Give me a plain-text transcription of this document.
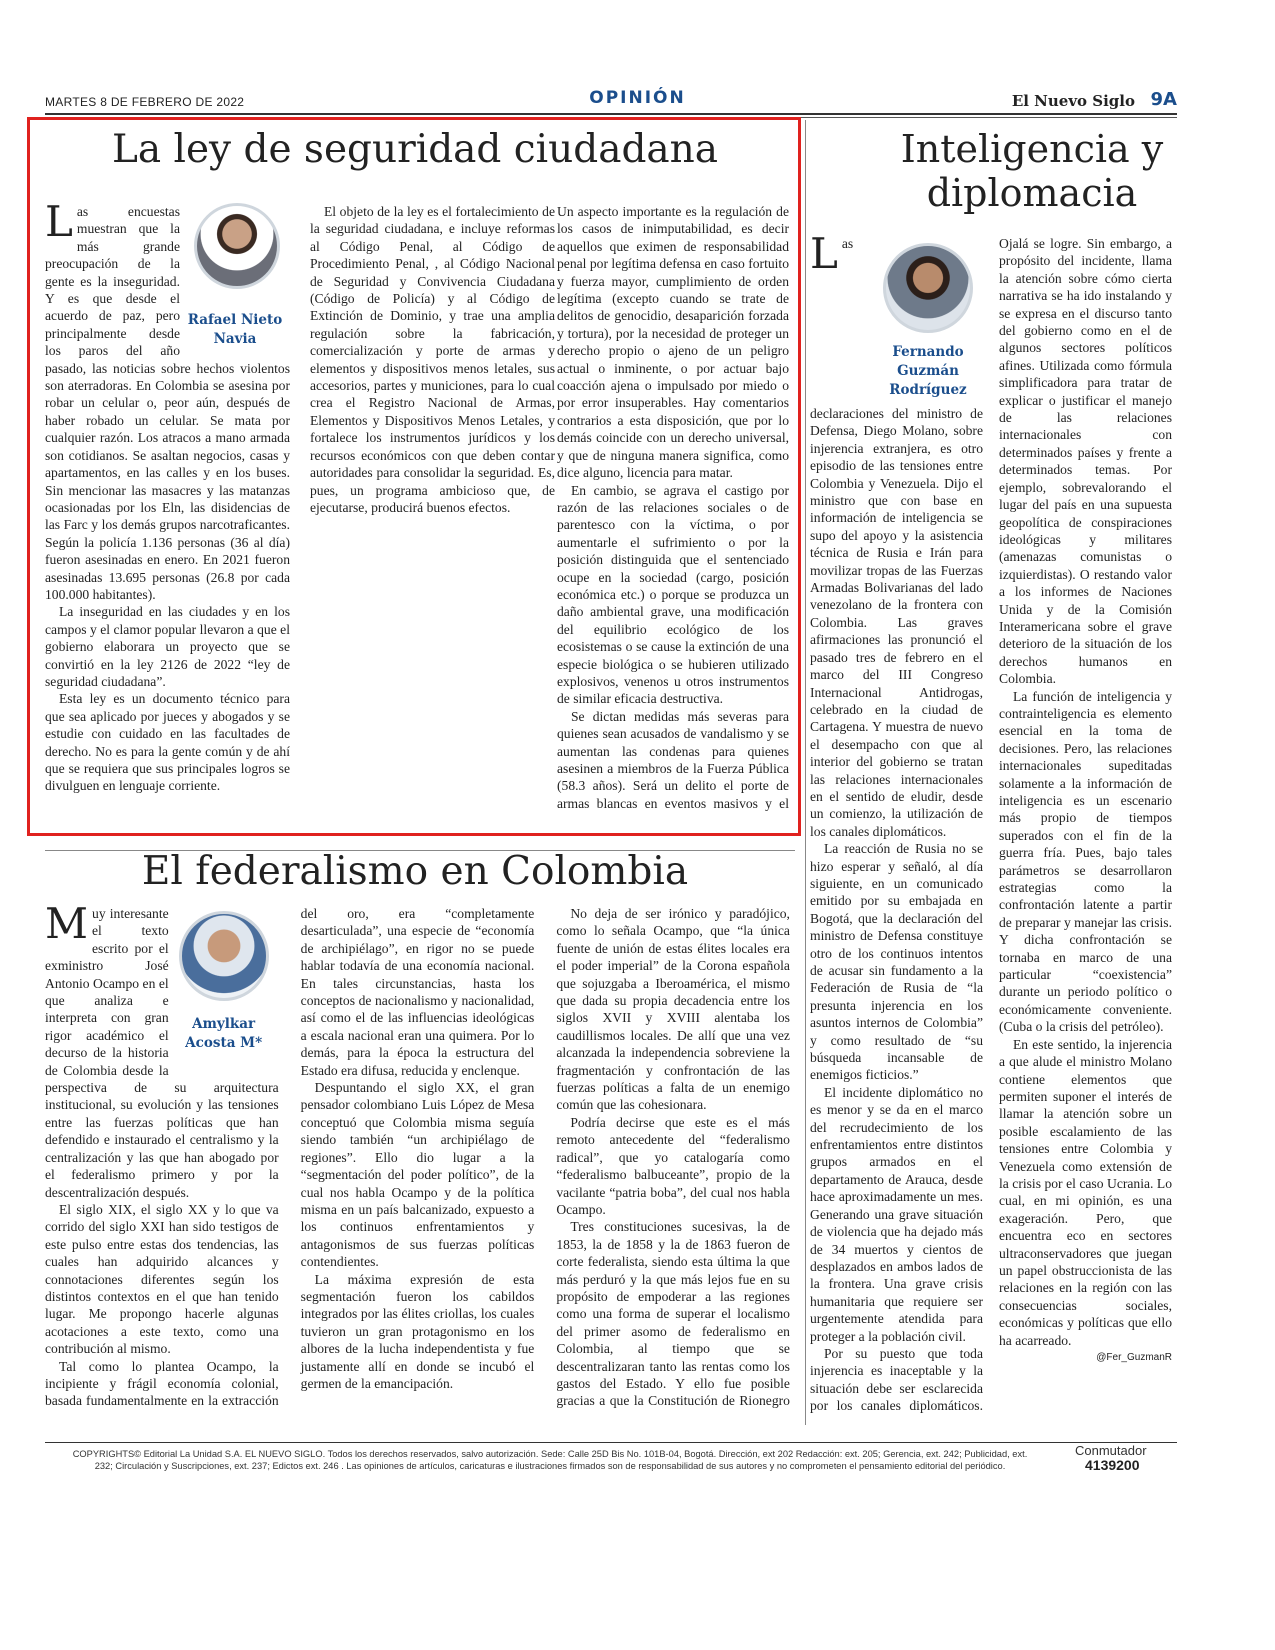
MARTES 8 DE FEBRERO DE 2022	OPINIÓN	El Nuevo Siglo 9A
La ley de seguridad ciudadana
Rafael Nieto
Navia

Las encuestas muestran que la más grande preocupación de la gente es la inseguridad. Y es que desde el acuerdo de paz, pero principalmente desde los paros del año pasado, las noticias sobre hechos violentos son aterradoras. En Colombia se asesina por robar un celular o, peor aún, después de haber robado un celular. Se mata por cualquier razón. Los atracos a mano armada son cotidianos. Se asaltan negocios, casas y apartamentos, en las calles y en los buses. Sin mencionar las masacres y las matanzas ocasionadas por los Eln, las disidencias de las Farc y los demás grupos narcotraficantes. Según la policía 1.136 personas (36 al día) fueron asesinadas en enero. En 2021 fueron asesinadas 13.695 personas (26.8 por cada 100.000 habitantes).

La inseguridad en las ciudades y en los campos y el clamor popular llevaron a que el gobierno elaborara un proyecto que se convirtió en la ley 2126 de 2022 “ley de seguridad ciudadana”.

Esta ley es un documento técnico para que sea aplicado por jueces y abogados y se estudie con cuidado en las facultades de derecho. No es para la gente común y de ahí que se requiera que sus principales logros se divulguen en lenguaje corriente.

El objeto de la ley es el fortalecimiento de la seguridad ciudadana, e incluye reformas al Código Penal, al Código de Procedimiento Penal, , al Código Nacional de Seguridad y Convivencia Ciudadana (Código de Policía) y al Código de Extinción de Dominio, y trae una amplia regulación sobre la fabricación, comercialización y porte de armas y elementos y dispositivos menos letales, sus accesorios, partes y municiones, para lo cual crea el Registro Nacional de Armas, Elementos y Dispositivos Menos Letales, y fortalece los instrumentos jurídicos y los recursos económicos con que deben contar autoridades para consolidar la seguridad. Es, pues, un programa ambicioso que, de ejecutarse, producirá buenos efectos.

Un aspecto importante es la regulación de los casos de inimputabilidad, es decir aquellos que eximen de responsabilidad penal por legítima defensa en caso fortuito y fuerza mayor, cumplimiento de orden legítima (excepto cuando se trate de delitos de genocidio, desaparición forzada y tortura), por la necesidad de proteger un derecho propio o ajeno de un peligro actual o inminente, o por actuar bajo coacción ajena o impulsado por miedo o por error insuperables. Hay comentarios contrarios a esta disposición, que por lo demás coincide con un derecho universal, y que de ninguna manera significa, como dice alguno, licencia para matar.

En cambio, se agrava el castigo por razón de las relaciones sociales o de parentesco con la víctima, o por aumentarle el sufrimiento o por la posición distinguida que el sentenciado ocupe en la sociedad (cargo, posición económica etc.) o porque se produzca un daño ambiental grave, una modificación del equilibrio ecológico de los ecosistemas o se cause la extinción de una especie biológica o se hubieren utilizado explosivos, venenos u otros instrumentos de similar eficacia destructiva.

Se dictan medidas más severas para quienes sean acusados de vandalismo y se aumentan las condenas para quienes asesinen a miembros de la Fuerza Pública (58.3 años). Será un delito el porte de armas blancas en eventos masivos y el

Inteligencia y diplomacia
Fernando
Guzmán
Rodríguez

Las declaraciones del ministro de Defensa, Diego Molano, sobre injerencia extranjera, es otro episodio de las tensiones entre Colombia y Venezuela. Dijo el ministro que con base en información de inteligencia se supo del apoyo y la asistencia técnica de Rusia e Irán para movilizar tropas de las Fuerzas Armadas Bolivarianas del lado venezolano de la frontera con Colombia. Las graves afirmaciones las pronunció el pasado tres de febrero en el marco del III Congreso Internacional Antidrogas, celebrado en la ciudad de Cartagena. Y muestra de nuevo el desempacho con que al interior del gobierno se tratan las relaciones internacionales en el sentido de eludir, desde un comienzo, la utilización de los canales diplomáticos.

La reacción de Rusia no se hizo esperar y señaló, al día siguiente, en un comunicado emitido por su embajada en Bogotá, que la declaración del ministro de Defensa constituye otro de los continuos intentos de acusar sin fundamento a la Federación de Rusia de “la presunta injerencia en los asuntos internos de Colombia” y como resultado de “su búsqueda incansable de enemigos ficticios.”

El incidente diplomático no es menor y se da en el marco del recrudecimiento de los enfrentamientos entre distintos grupos armados en el departamento de Arauca, desde hace aproximadamente un mes. Generando una grave situación de violencia que ha dejado más de 34 muertos y cientos de desplazados en ambos lados de la frontera. Una grave crisis humanitaria que requiere ser urgentemente atendida para proteger a la población civil.

Por su puesto que toda injerencia es inaceptable y la situación debe ser esclarecida por los canales diplomáticos. Ojalá se logre. Sin embargo, a propósito del incidente, llama la atención sobre cómo cierta narrativa se ha ido instalando y se expresa en el discurso tanto del gobierno como en el de algunos sectores políticos afines. Utilizada como fórmula simplificadora para tratar de explicar o justificar el manejo de las relaciones internacionales con determinados países y frente a determinados temas. Por ejemplo, sobrevalorando el lugar del país en una supuesta geopolítica de conspiraciones ideológicas y militares (amenazas comunistas o izquierdistas). O restando valor a los informes de Naciones Unida y de la Comisión Interamericana sobre el grave deterioro de la situación de los derechos humanos en Colombia.

La función de inteligencia y contrainteligencia es elemento esencial en la toma de decisiones. Pero, las relaciones internacionales supeditadas solamente a la información de inteligencia es un escenario más propio de tiempos superados con el fin de la guerra fría. Pues, bajo tales parámetros se desarrollaron estrategias como la confrontación latente a partir de preparar y manejar las crisis. Y dicha confrontación se tornaba en marco de una particular “coexistencia” durante un periodo político o económicamente conveniente. (Cuba o la crisis del petróleo).

En este sentido, la injerencia a que alude el ministro Molano contiene elementos que permiten suponer el interés de llamar la atención sobre un posible escalamiento de las tensiones entre Colombia y Venezuela como extensión de la crisis por el caso Ucrania. Lo cual, en mi opinión, es una exageración. Pero, que encuentra eco en sectores ultraconservadores que juegan un papel obstruccionista de las relaciones en la región con las consecuencias sociales, económicas y políticas que ello ha acarreado.

@Fer_GuzmanR
El federalismo en Colombia
Amylkar
Acosta M*

Muy interesante el texto escrito por el exministro José Antonio Ocampo en el que analiza e interpreta con gran rigor académico el decurso de la historia de Colombia desde la perspectiva de su arquitectura institucional, su evolución y las tensiones entre las fuerzas políticas que han defendido e instaurado el centralismo y la centralización y las que han abogado por el federalismo primero y por la descentralización después.

El siglo XIX, el siglo XX y lo que va corrido del siglo XXI han sido testigos de este pulso entre estas dos tendencias, las cuales han adquirido alcances y connotaciones diferentes según los distintos contextos en el que han tenido lugar. Me propongo hacerle algunas acotaciones a este texto, como una contribución al mismo.

Tal como lo plantea Ocampo, la incipiente y frágil economía colonial, basada fundamentalmente en la extracción del oro, era “completamente desarticulada”, una especie de “economía de archipiélago”, en rigor no se puede hablar todavía de una economía nacional. En tales circunstancias, hasta los conceptos de nacionalismo y nacionalidad, así como el de las influencias ideológicas a escala nacional eran una quimera. Por lo demás, para la época la estructura del Estado era difusa, reducida y enclenque.

Despuntando el siglo XX, el gran pensador colombiano Luis López de Mesa conceptuó que Colombia misma seguía siendo también “un archipiélago de regiones”. Ello dio lugar a la “segmentación del poder político”, de la cual nos habla Ocampo y de la política misma en un país balcanizado, expuesto a los continuos enfrentamientos y antagonismos de sus fuerzas políticas contendientes.

La máxima expresión de esta segmentación fueron los cabildos integrados por las élites criollas, los cuales tuvieron un gran protagonismo en los albores de la lucha independentista y fue justamente allí en donde se incubó el germen de la emancipación.

No deja de ser irónico y paradójico, como lo señala Ocampo, que “la única fuente de unión de estas élites locales era el poder imperial” de la Corona española que sojuzgaba a Iberoamérica, el mismo que dada su propia decadencia entre los siglos XVII y XVIII alentaba los caudillismos locales. De allí que una vez alcanzada la independencia sobreviene la fragmentación y confrontación de las fuerzas políticas a falta de un enemigo común que las cohesionara.

Podría decirse que este es el más remoto antecedente del “federalismo radical”, que yo catalogaría como “federalismo balbuceante”, propio de la vacilante “patria boba”, del cual nos habla Ocampo.

Tres constituciones sucesivas, la de 1853, la de 1858 y la de 1863 fueron de corte federalista, siendo esta última la que más perduró y la que más lejos fue en su propósito de empoderar a las regiones como una forma de superar el localismo del primer asomo de federalismo en Colombia, al tiempo que se descentralizaran tanto las rentas como los gastos del Estado. Y ello fue posible gracias a que la Constitución de Rionegro

COPYRIGHTS© Editorial La Unidad S.A. EL NUEVO SIGLO. Todos los derechos reservados, salvo autorización. Sede: Calle 25D Bis No. 101B-04, Bogotá. Dirección, ext 202 Redacción: ext. 205; Gerencia, ext. 242; Publicidad, ext. 232; Circulación y Suscripciones, ext. 237; Edictos ext. 246 . Las opiniones de artículos, caricaturas e ilustraciones firmados son de responsabilidad de sus autores y no comprometen el pensamiento editorial del periódico.
Conmutador
4139200
